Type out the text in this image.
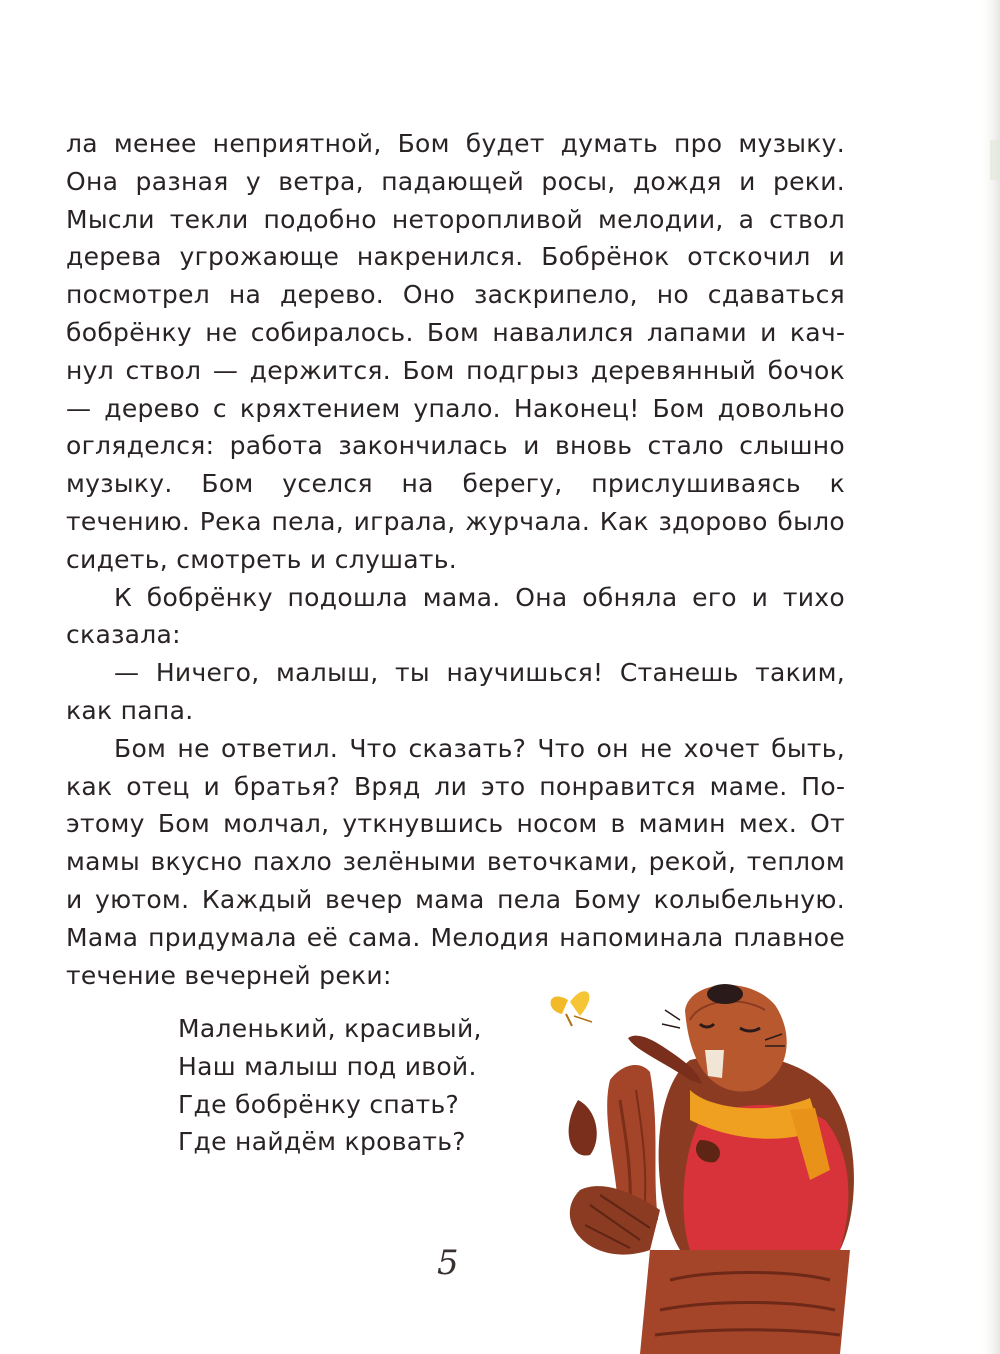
ла менее неприятной, Бом будет думать про музыку. Она разная у ветра, падающей росы, дождя и реки. Мысли текли подобно неторопливой мелодии, а ствол дерева угрожающе накренился. Бобрёнок отскочил и посмотрел на дерево. Оно заскрипело, но сдаваться бобрёнку не собиралось. Бом навалился лапами и качнул ствол — держится. Бом подгрыз деревянный бочок — дерево с кряхтением упало. Наконец! Бом довольно огляделся: работа закончилась и вновь стало слышно музыку. Бом уселся на берегу, прислушиваясь к течению. Река пела, играла, журчала. Как здорово было сидеть, смотреть и слушать.

К бобрёнку подошла мама. Она обняла его и тихо сказала:

— Ничего, малыш, ты научишься! Станешь таким, как папа.

Бом не ответил. Что сказать? Что он не хочет быть, как отец и братья? Вряд ли это понравится маме. Поэтому Бом молчал, уткнувшись носом в мамин мех. От мамы вкусно пахло зелёными веточками, рекой, теплом и уютом. Каждый вечер мама пела Бому колыбельную. Мама придумала её сама. Мелодия напоминала плавное течение вечерней реки:

Маленький, красивый,
Наш малыш под ивой.
Где бобрёнку спать?
Где найдём кровать?
5
